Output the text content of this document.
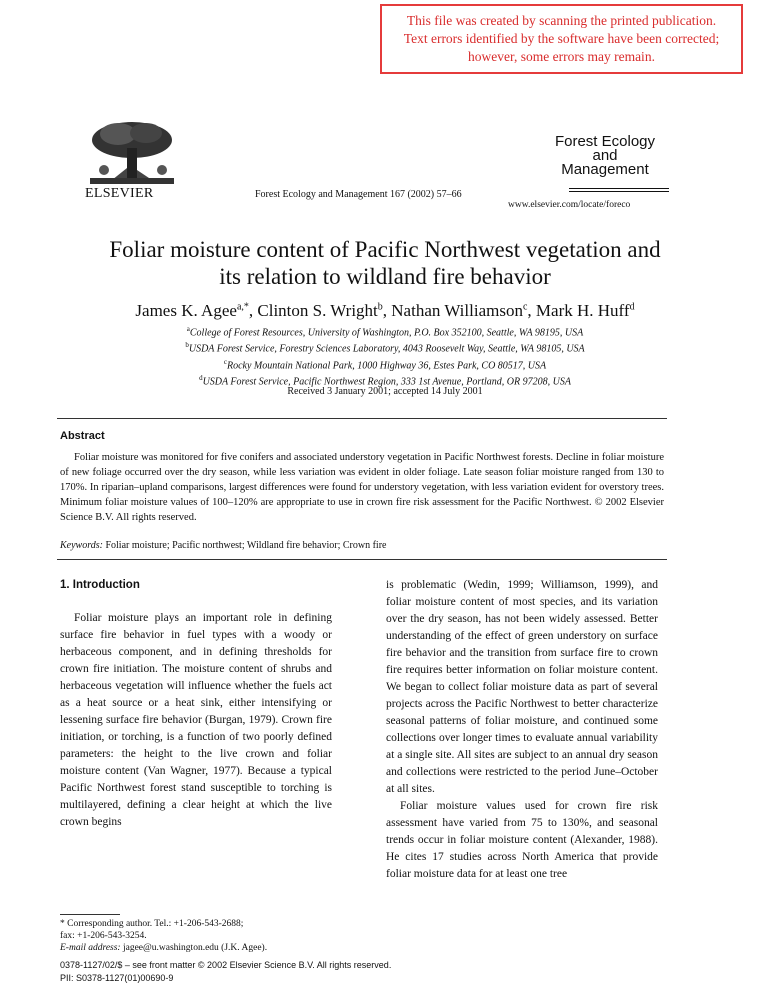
This file was created by scanning the printed publication.
Text errors identified by the software have been corrected;
however, some errors may remain.
ELSEVIER	Forest Ecology and Management 167 (2002) 57–66
Forest Ecology
and
Management
www.elsevier.com/locate/foreco
Foliar moisture content of Pacific Northwest vegetation and
its relation to wildland fire behavior
James K. Agee$^{a,*}$, Clinton S. Wright$^b$, Nathan Williamson$^c$, Mark H. Huff$^d$
$^a$College of Forest Resources, University of Washington, P.O. Box 352100, Seattle, WA 98195, USA
$^b$USDA Forest Service, Forestry Sciences Laboratory, 4043 Roosevelt Way, Seattle, WA 98105, USA
$^c$Rocky Mountain National Park, 1000 Highway 36, Estes Park, CO 80517, USA
$^d$USDA Forest Service, Pacific Northwest Region, 333 1st Avenue, Portland, OR 97208, USA
Received 3 January 2001; accepted 14 July 2001
Abstract
Foliar moisture was monitored for five conifers and associated understory vegetation in Pacific Northwest forests. Decline in foliar moisture of new foliage occurred over the dry season, while less variation was evident in older foliage. Late season foliar moisture ranged from 130 to 170%. In riparian–upland comparisons, largest differences were found for understory vegetation, with less variation evident for overstory trees. Minimum foliar moisture values of 100–120% are appropriate to use in crown fire risk assessment for the Pacific Northwest. © 2002 Elsevier Science B.V. All rights reserved.
Keywords: Foliar moisture; Pacific northwest; Wildland fire behavior; Crown fire
1. Introduction

Foliar moisture plays an important role in defining surface fire behavior in fuel types with a woody or herbaceous component, and in defining thresholds for crown fire initiation. The moisture content of shrubs and herbaceous vegetation will influence whether the fuels act as a heat source or a heat sink, either intensifying or lessening surface fire behavior (Burgan, 1979). Crown fire initiation, or torching, is a function of two poorly defined parameters: the height to the live crown and foliar moisture content (Van Wagner, 1977). Because a typical Pacific Northwest forest stand susceptible to torching is multilayered, defining a clear height at which the live crown begins

is problematic (Wedin, 1999; Williamson, 1999), and foliar moisture content of most species, and its variation over the dry season, has not been widely assessed. Better understanding of the effect of green understory on surface fire behavior and the transition from surface fire to crown fire requires better information on foliar moisture content. We began to collect foliar moisture data as part of several projects across the Pacific Northwest to better characterize seasonal patterns of foliar moisture, and continued some collections over longer times to evaluate annual variability at a single site. All sites are subject to an annual dry season and collections were restricted to the period June–October at all sites.

Foliar moisture values used for crown fire risk assessment have varied from 75 to 130%, and seasonal trends occur in foliar moisture content (Alexander, 1988). He cites 17 studies across North America that provide foliar moisture data for at least one tree

* Corresponding author. Tel.: +1-206-543-2688;
fax: +1-206-543-3254.
E-mail address: jagee@u.washington.edu (J.K. Agee).
0378-1127/02/$ – see front matter © 2002 Elsevier Science B.V. All rights reserved.
PII: S0378-1127(01)00690-9
